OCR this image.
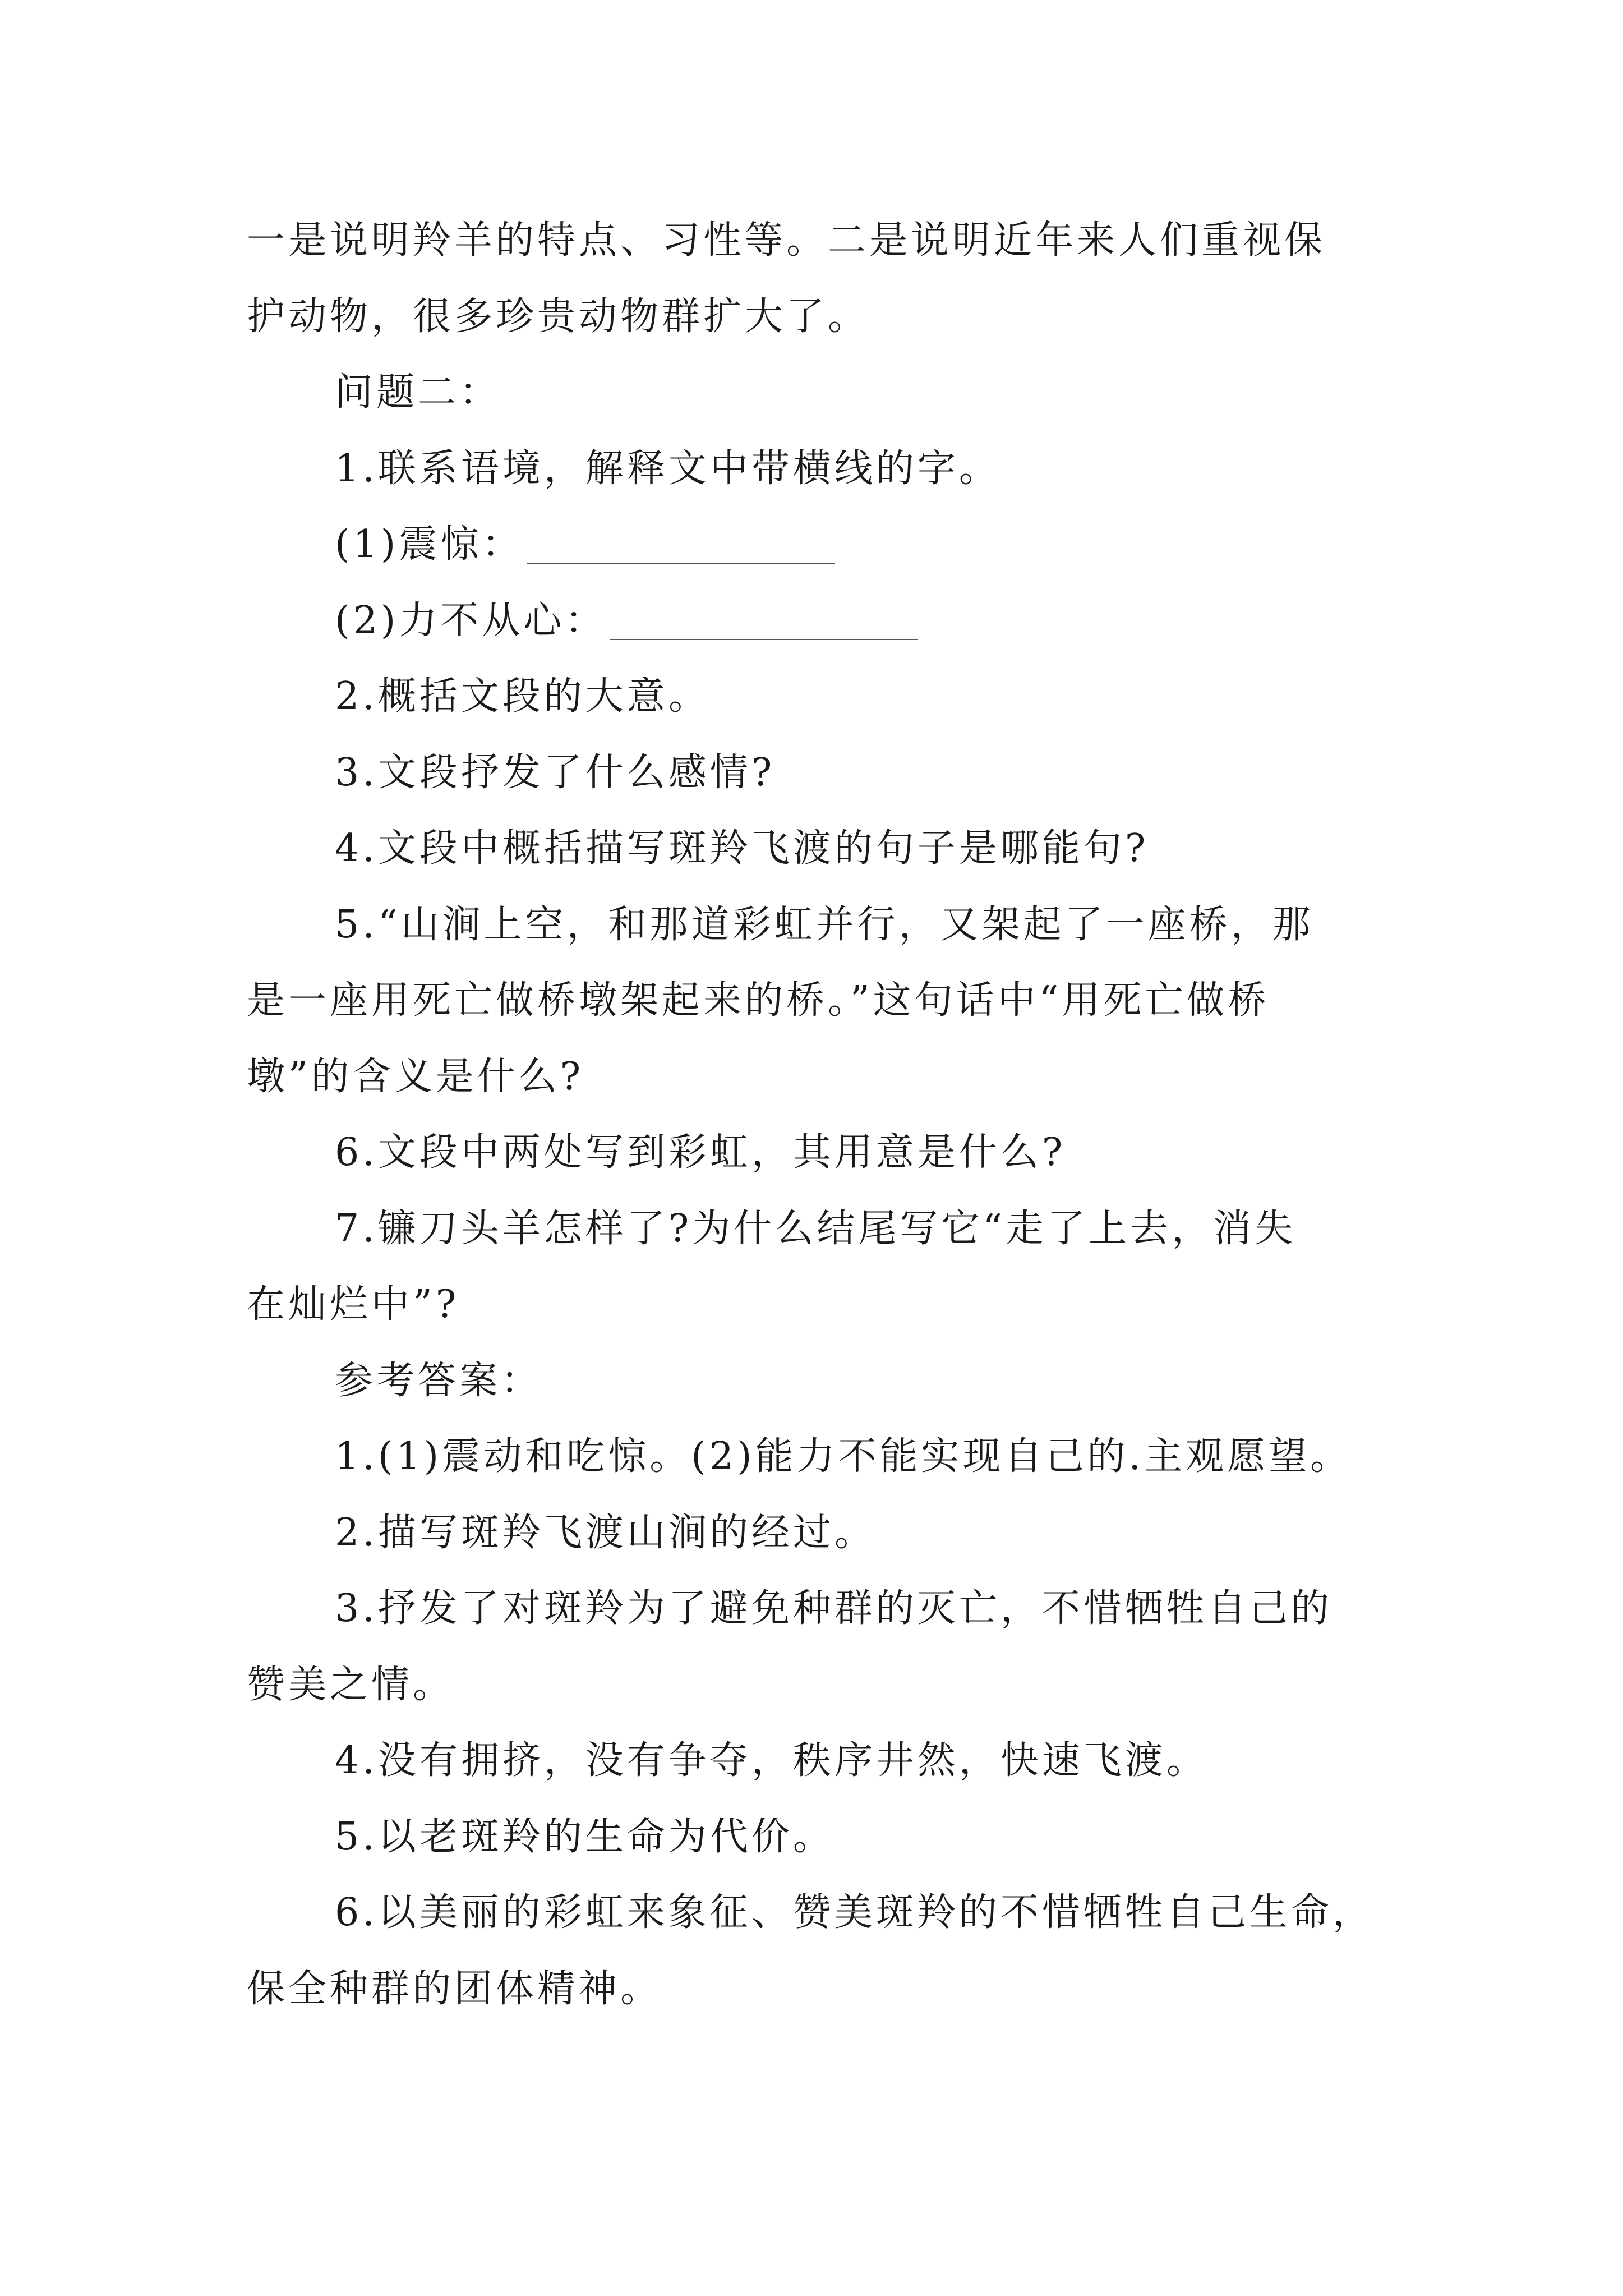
一是说明羚羊的特点、习性等。二是说明近年来人们重视保
护动物，很多珍贵动物群扩大了。
问题二：
1.联系语境，解释文中带横线的字。
(1)震惊：
(2)力不从心：
2.概括文段的大意。
3.文段抒发了什么感情?
4.文段中概括描写斑羚飞渡的句子是哪能句?
5.“山涧上空，和那道彩虹并行，又架起了一座桥，那
是一座用死亡做桥墩架起来的桥。”这句话中“用死亡做桥
墩”的含义是什么?
6.文段中两处写到彩虹，其用意是什么?
7.镰刀头羊怎样了?为什么结尾写它“走了上去，消失
在灿烂中”?
参考答案：
1.(1)震动和吃惊。(2)能力不能实现自己的.主观愿望。
2.描写斑羚飞渡山涧的经过。
3.抒发了对斑羚为了避免种群的灭亡，不惜牺牲自己的
赞美之情。
4.没有拥挤，没有争夺，秩序井然，快速飞渡。
5.以老斑羚的生命为代价。
6.以美丽的彩虹来象征、赞美斑羚的不惜牺牲自己生命，
保全种群的团体精神。
